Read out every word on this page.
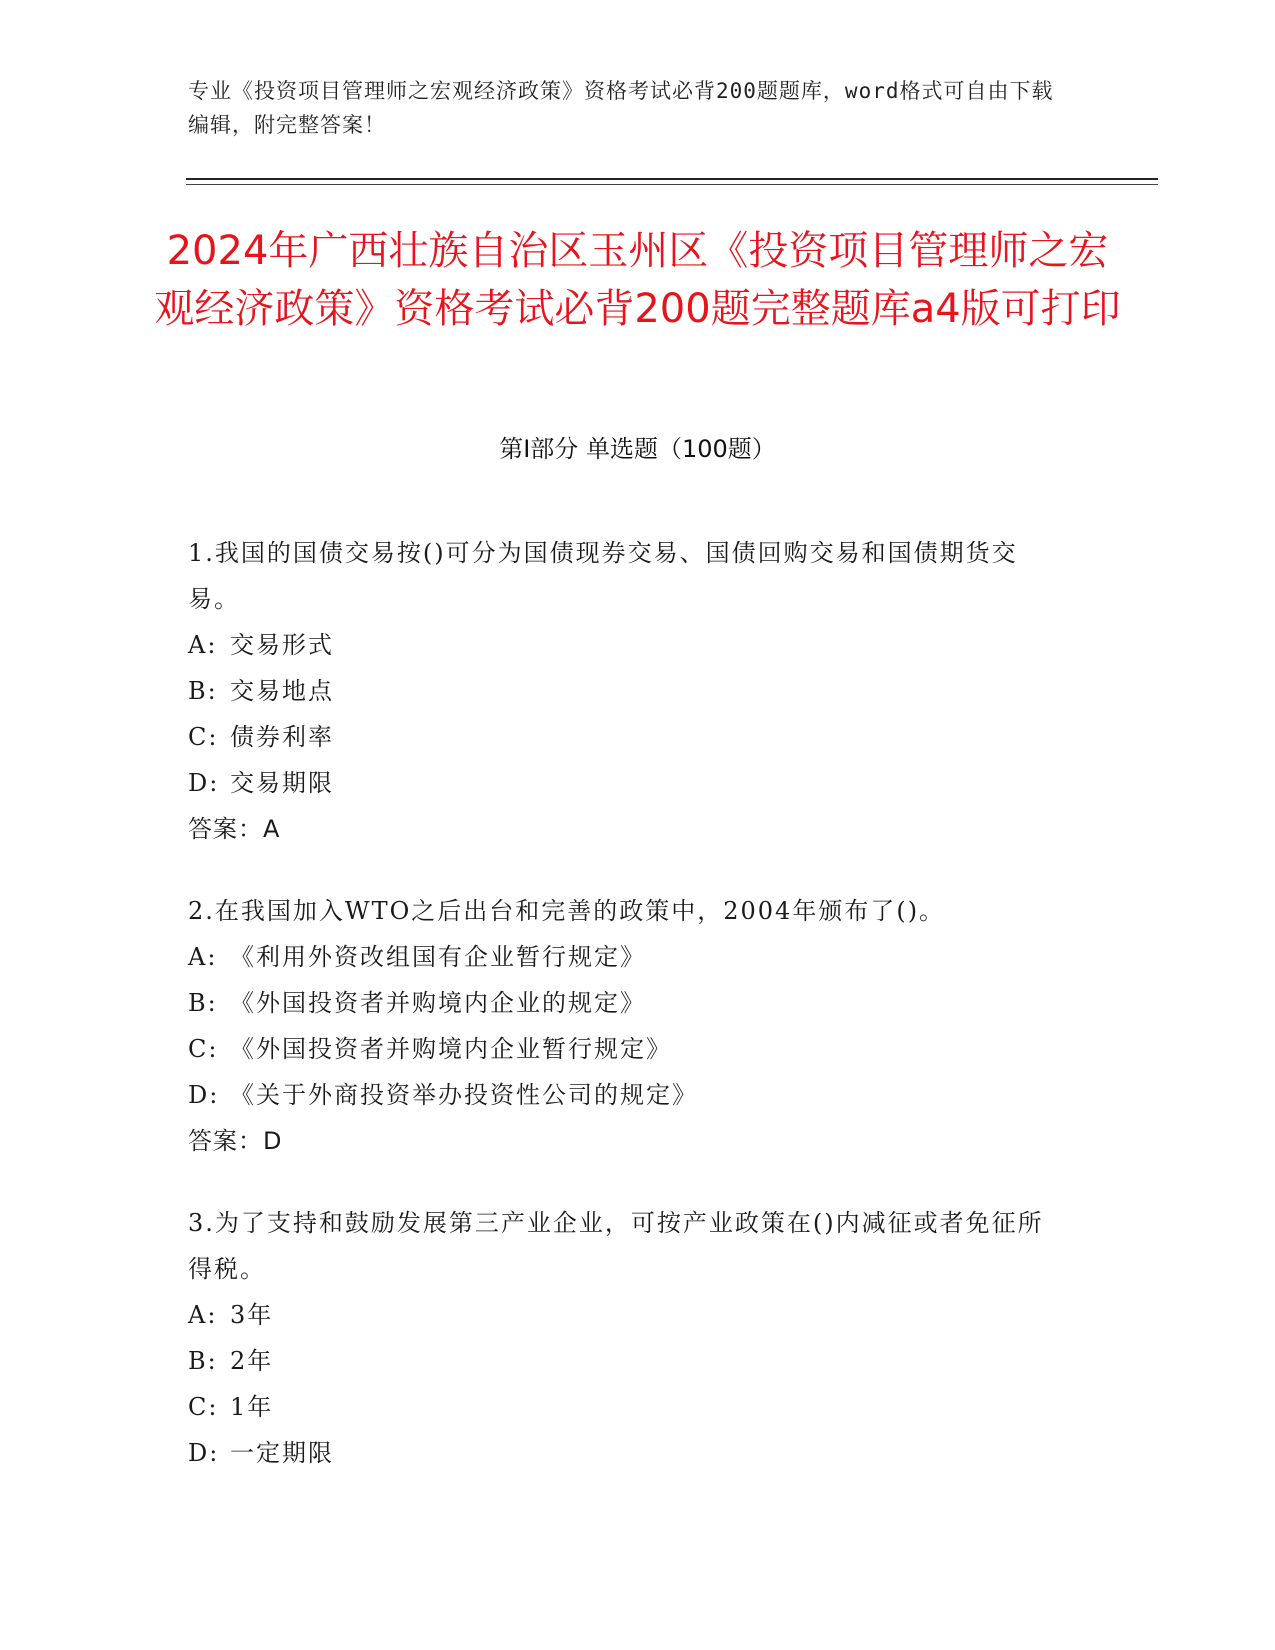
专业《投资项目管理师之宏观经济政策》资格考试必背200题题库，word格式可自由下载编辑，附完整答案！
2024年广西壮族自治区玉州区《投资项目管理师之宏观经济政策》资格考试必背200题完整题库a4版可打印
第Ⅰ部分 单选题（100题）
1.我国的国债交易按()可分为国债现券交易、国债回购交易和国债期货交易。
A: 交易形式
B: 交易地点
C: 债券利率
D: 交易期限
答案：A
2.在我国加入WTO之后出台和完善的政策中，2004年颁布了()。
A: 《利用外资改组国有企业暂行规定》
B: 《外国投资者并购境内企业的规定》
C: 《外国投资者并购境内企业暂行规定》
D: 《关于外商投资举办投资性公司的规定》
答案：D
3.为了支持和鼓励发展第三产业企业，可按产业政策在()内减征或者免征所得税。
A: 3年
B: 2年
C: 1年
D: 一定期限
